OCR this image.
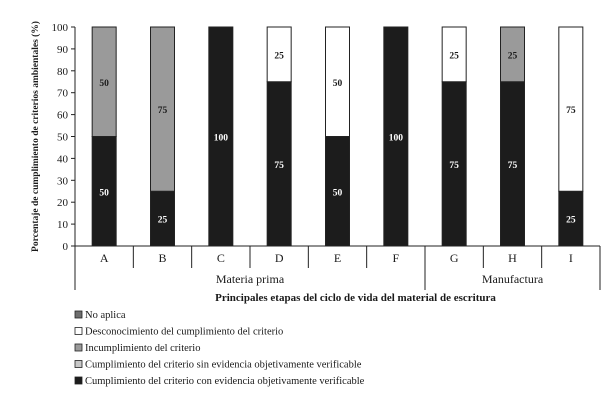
Porcentaje de cumplimiento de criterios ambientales (%)
Principales etapas del ciclo de vida del material de escritura
0
10
20
30
40
50
60
70
80
90
100
A	B	C	D	E	F	G	H	I
Materia prima	Manufactura
50
50
25
75
100
75
25
50
50
100
75
25
75
25
25
75
No aplica
Desconocimiento del cumplimiento del criterio
Incumplimiento del criterio
Cumplimiento del criterio sin evidencia objetivamente verificable
Cumplimiento del criterio con evidencia objetivamente verificable
